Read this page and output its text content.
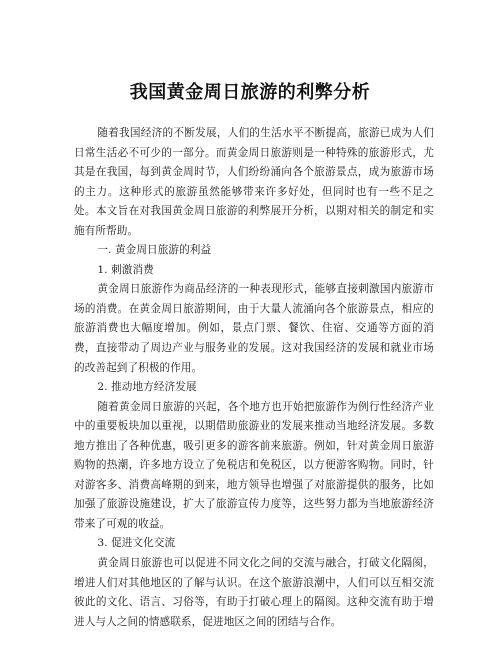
我国黄金周日旅游的利弊分析

随着我国经济的不断发展，人们的生活水平不断提高，旅游已成为人们日常生活必不可少的一部分。而黄金周日旅游则是一种特殊的旅游形式，尤其是在我国，每到黄金周时节，人们纷纷涌向各个旅游景点，成为旅游市场的主力。这种形式的旅游虽然能够带来许多好处，但同时也有一些不足之处。本文旨在对我国黄金周日旅游的利弊展开分析，以期对相关的制定和实施有所帮助。

一. 黄金周日旅游的利益

1. 刺激消费

黄金周日旅游作为商品经济的一种表现形式，能够直接刺激国内旅游市场的消费。在黄金周日旅游期间，由于大量人流涌向各个旅游景点，相应的旅游消费也大幅度增加。例如，景点门票、餐饮、住宿、交通等方面的消费，直接带动了周边产业与服务业的发展。这对我国经济的发展和就业市场的改善起到了积极的作用。

2. 推动地方经济发展

随着黄金周日旅游的兴起，各个地方也开始把旅游作为例行性经济产业中的重要板块加以重视，以期借助旅游业的发展来推动当地经济发展。多数地方推出了各种优惠，吸引更多的游客前来旅游。例如，针对黄金周日旅游购物的热潮，许多地方设立了免税店和免税区，以方便游客购物。同时，针对游客多、消费高峰期的到来，地方领导也增强了对旅游提供的服务，比如加强了旅游设施建设，扩大了旅游宣传力度等，这些努力都为当地旅游经济带来了可观的收益。

3. 促进文化交流

黄金周日旅游也可以促进不同文化之间的交流与融合，打破文化隔阂，增进人们对其他地区的了解与认识。在这个旅游浪潮中，人们可以互相交流彼此的文化、语言、习俗等，有助于打破心理上的隔阂。这种交流有助于增进人与人之间的情感联系，促进地区之间的团结与合作。
